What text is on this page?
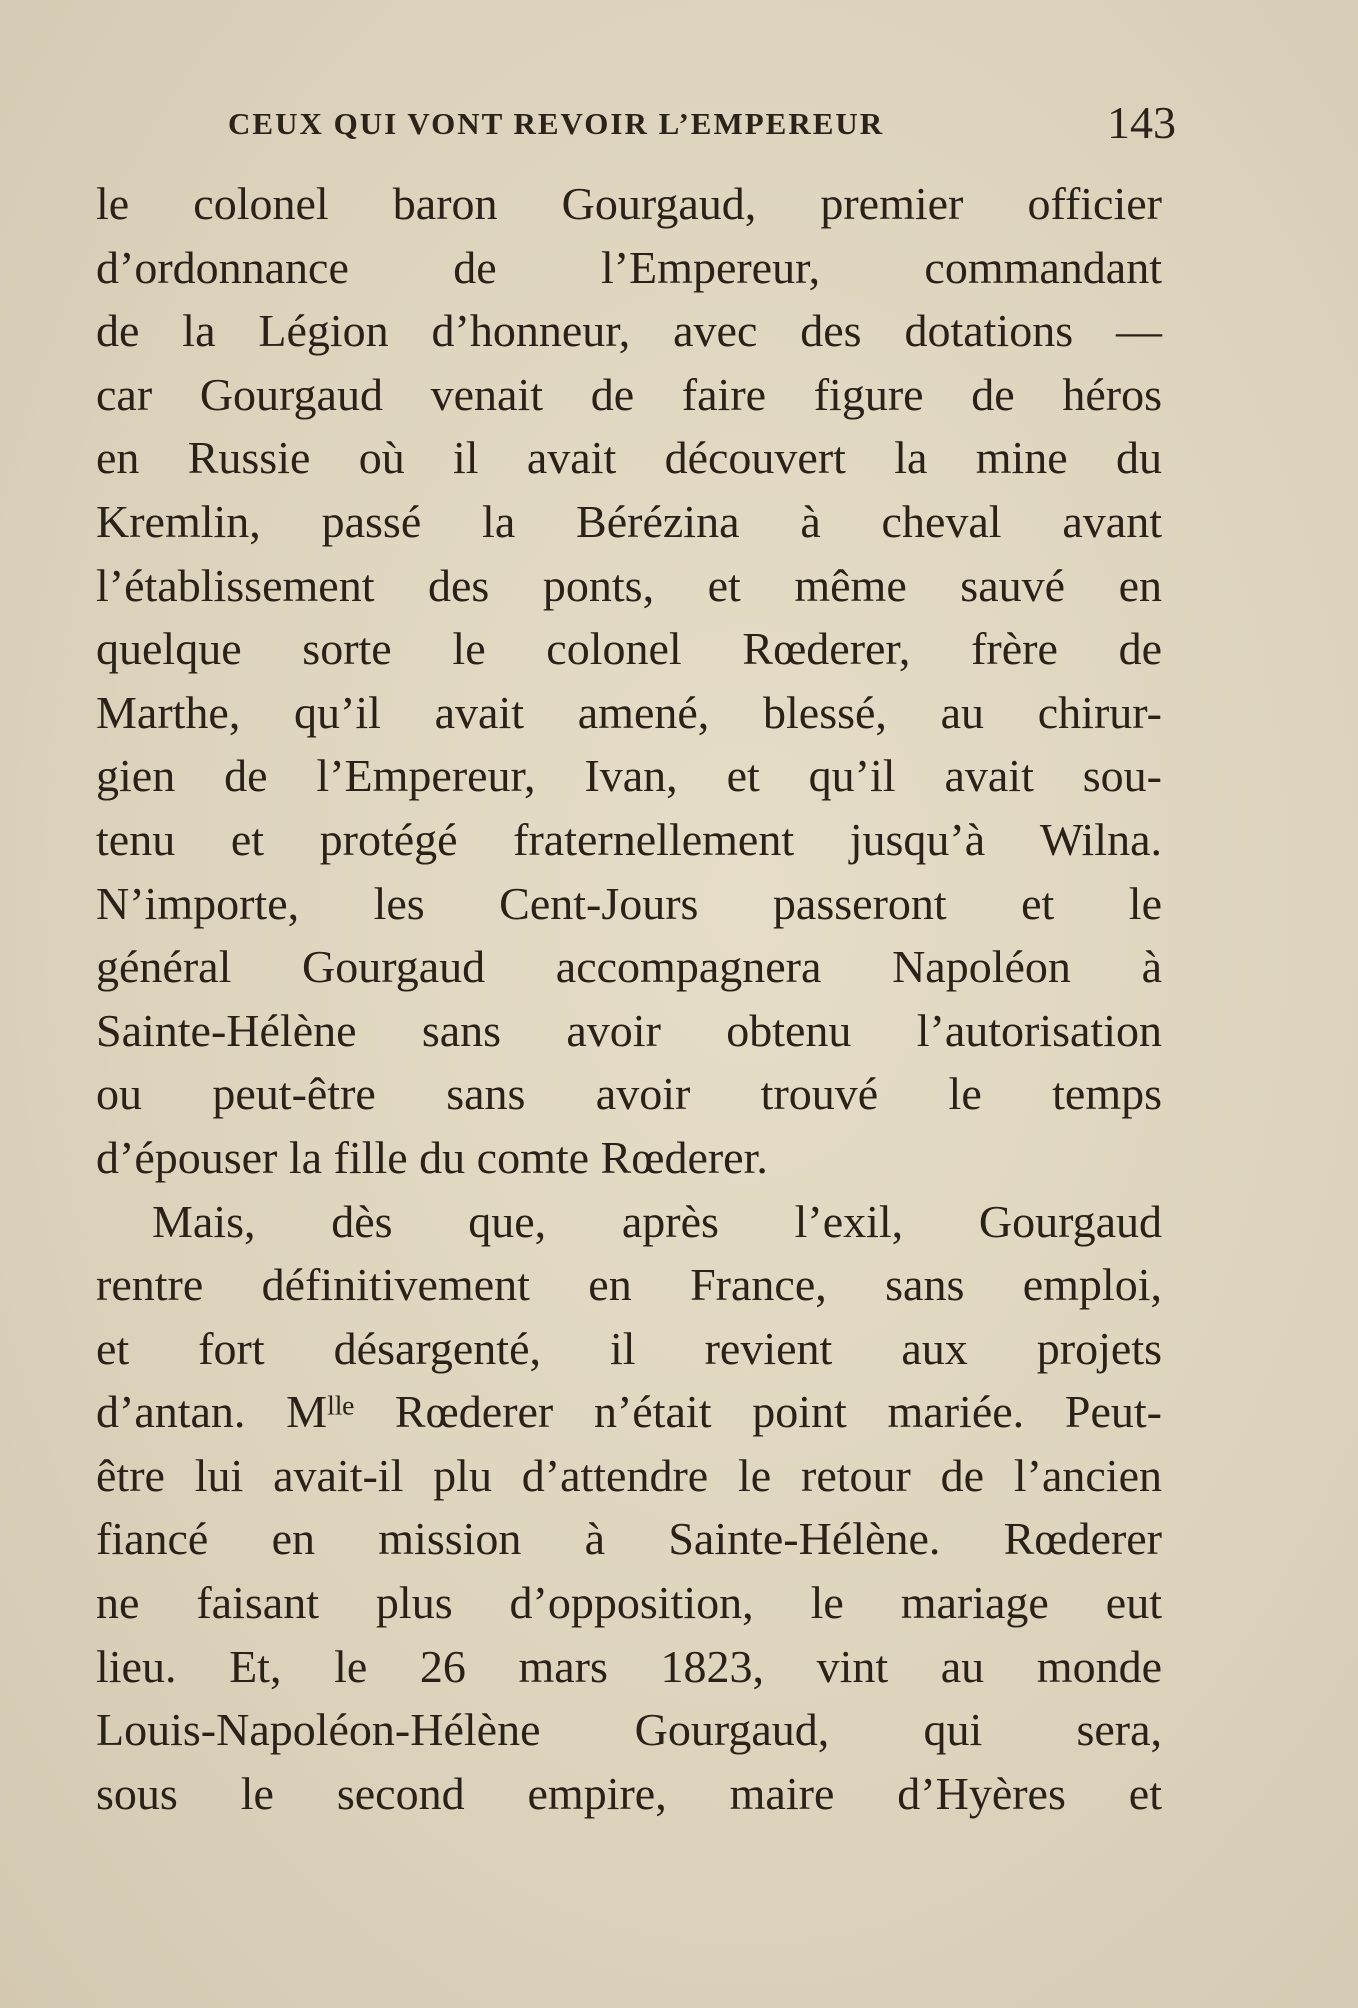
CEUX QUI VONT REVOIR L’EMPEREUR	143
le colonel baron Gourgaud, premier officier
d’ordonnance de l’Empereur, commandant
de la Légion d’honneur, avec des dotations —
car Gourgaud venait de faire figure de héros
en Russie où il avait découvert la mine du
Kremlin, passé la Bérézina à cheval avant
l’établissement des ponts, et même sauvé en
quelque sorte le colonel Rœderer, frère de
Marthe, qu’il avait amené, blessé, au chirur-
gien de l’Empereur, Ivan, et qu’il avait sou-
tenu et protégé fraternellement jusqu’à Wilna.
N’importe, les Cent-Jours passeront et le
général Gourgaud accompagnera Napoléon à
Sainte-Hélène sans avoir obtenu l’autorisation
ou peut-être sans avoir trouvé le temps
d’épouser la fille du comte Rœderer.
Mais, dès que, après l’exil, Gourgaud
rentre définitivement en France, sans emploi,
et fort désargenté, il revient aux projets
d’antan. Mˡˡᵉ Rœderer n’était point mariée. Peut-
être lui avait-il plu d’attendre le retour de l’ancien
fiancé en mission à Sainte-Hélène. Rœderer
ne faisant plus d’opposition, le mariage eut
lieu. Et, le 26 mars 1823, vint au monde
Louis-Napoléon-Hélène Gourgaud, qui sera,
sous le second empire, maire d’Hyères et
